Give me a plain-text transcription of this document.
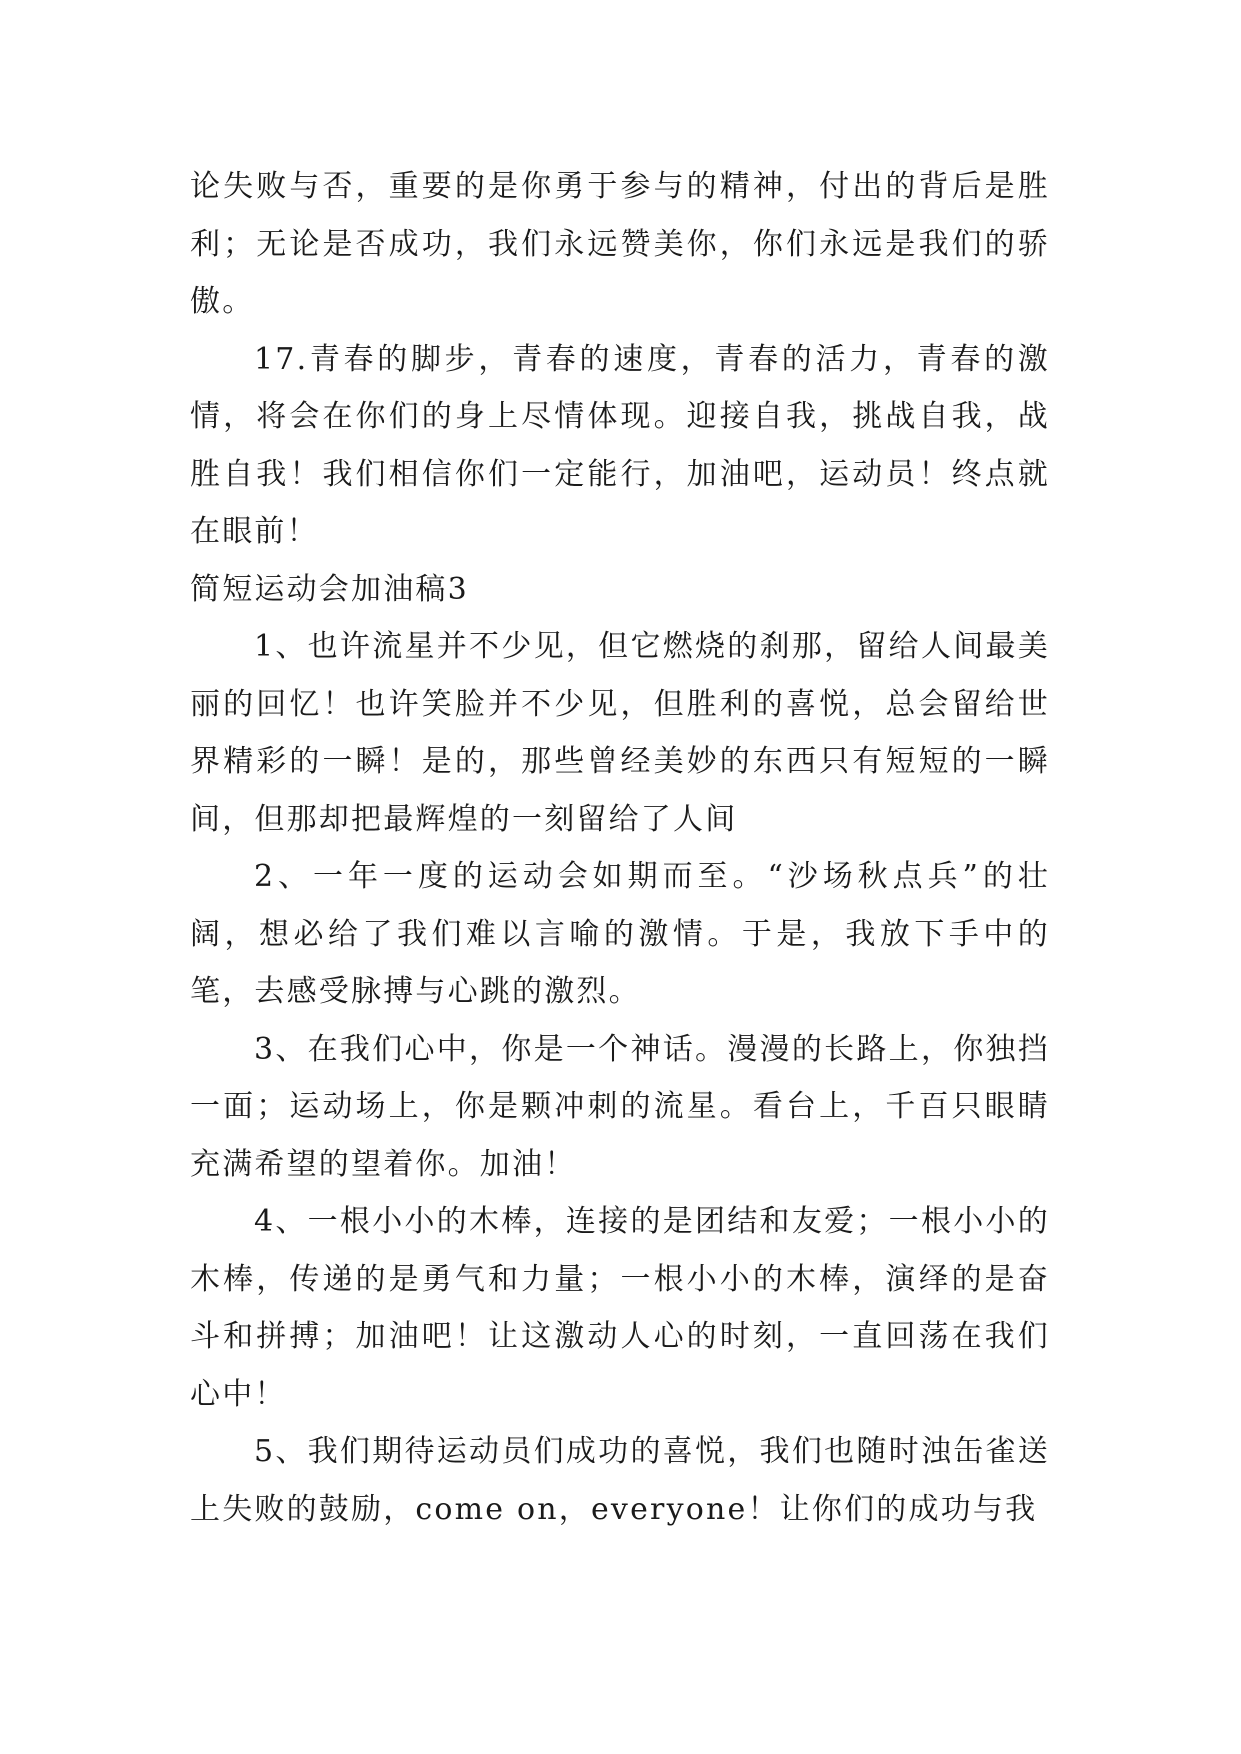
论失败与否，重要的是你勇于参与的精神，付出的背后是胜利；无论是否成功，我们永远赞美你，你们永远是我们的骄傲。

17.青春的脚步，青春的速度，青春的活力，青春的激情，将会在你们的身上尽情体现。迎接自我，挑战自我，战胜自我！我们相信你们一定能行，加油吧，运动员！终点就在眼前！

简短运动会加油稿3

1、也许流星并不少见，但它燃烧的刹那，留给人间最美丽的回忆！也许笑脸并不少见，但胜利的喜悦，总会留给世界精彩的一瞬！是的，那些曾经美妙的东西只有短短的一瞬间，但那却把最辉煌的一刻留给了人间

2、一年一度的运动会如期而至。“沙场秋点兵”的壮阔，想必给了我们难以言喻的激情。于是，我放下手中的笔，去感受脉搏与心跳的激烈。

3、在我们心中，你是一个神话。漫漫的长路上，你独挡一面；运动场上，你是颗冲刺的流星。看台上，千百只眼睛充满希望的望着你。加油！

4、一根小小的木棒，连接的是团结和友爱；一根小小的木棒，传递的是勇气和力量；一根小小的木棒，演绎的是奋斗和拼搏；加油吧！让这激动人心的时刻，一直回荡在我们心中！

5、我们期待运动员们成功的喜悦，我们也随时浊缶雀送上失败的鼓励，come on，everyone！让你们的成功与我
